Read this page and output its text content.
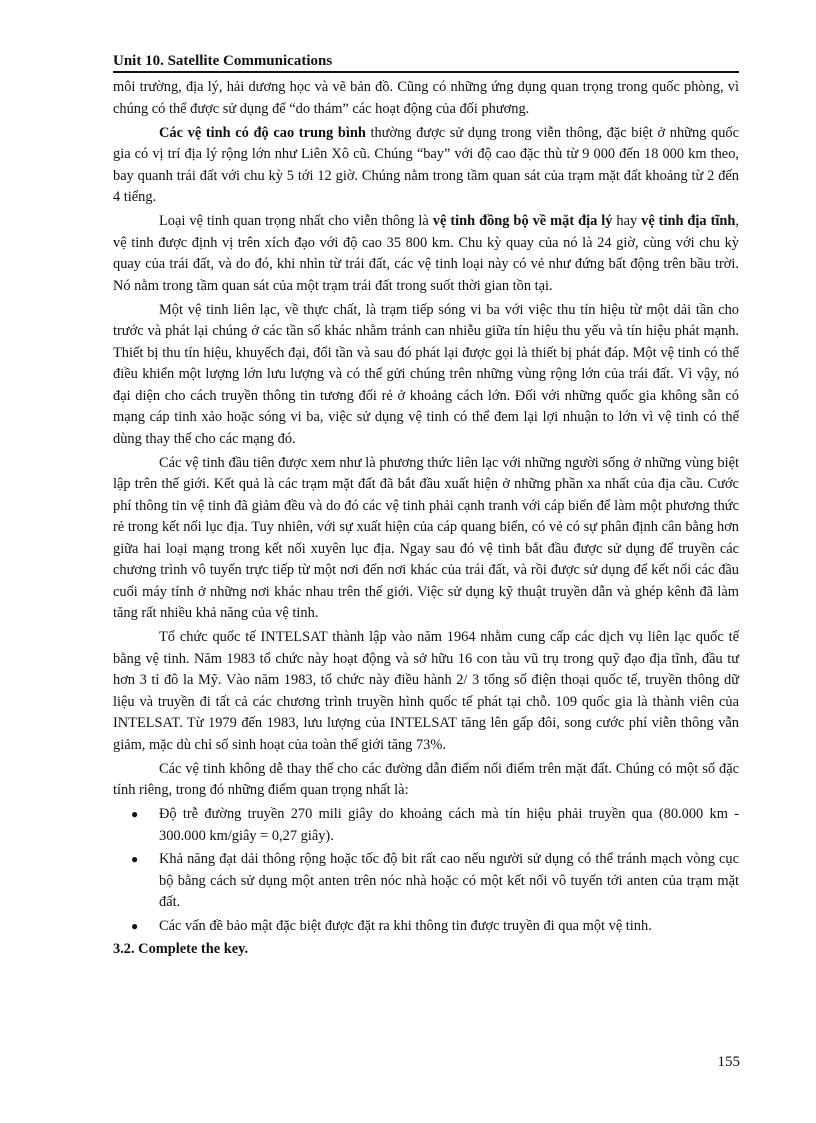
Unit 10. Satellite Communications

môi trường, địa lý, hải dương học và vẽ bản đồ. Cũng có những ứng dụng quan trọng trong quốc phòng, vì chúng có thể được sử dụng để “do thám” các hoạt động của đối phương.

Các vệ tinh có độ cao trung bình thường được sử dụng trong viễn thông, đặc biệt ở những quốc gia có vị trí địa lý rộng lớn như Liên Xô cũ. Chúng “bay” với độ cao đặc thù từ 9 000 đến 18 000 km theo, bay quanh trái đất với chu kỳ 5 tới 12 giờ. Chúng nằm trong tầm quan sát của trạm mặt đất khoảng từ 2 đến 4 tiếng.

Loại vệ tinh quan trọng nhất cho viễn thông là vệ tinh đồng bộ về mặt địa lý hay vệ tinh địa tĩnh, vệ tinh được định vị trên xích đạo với độ cao 35 800 km. Chu kỳ quay của nó là 24 giờ, cùng với chu kỳ quay của trái đất, và do đó, khi nhìn từ trái đất, các vệ tinh loại này có vẻ như đứng bất động trên bầu trời. Nó nằm trong tầm quan sát của một trạm trái đất trong suốt thời gian tồn tại.

Một vệ tinh liên lạc, về thực chất, là trạm tiếp sóng vi ba với việc thu tín hiệu từ một dải tần cho trước và phát lại chúng ở các tần số khác nhằm tránh can nhiễu giữa tín hiệu thu yếu và tín hiệu phát mạnh. Thiết bị thu tín hiệu, khuyếch đại, đổi tần và sau đó phát lại được gọi là thiết bị phát đáp. Một vệ tinh có thể điều khiển một lượng lớn lưu lượng và có thể gửi chúng trên những vùng rộng lớn của trái đất. Vì vậy, nó đại diện cho cách truyền thông tin tương đối rẻ ở khoảng cách lớn. Đối với những quốc gia không sẵn có mạng cáp tinh xảo hoặc sóng vi ba, việc sử dụng vệ tinh có thể đem lại lợi nhuận to lớn vì vệ tinh có thể dùng thay thế cho các mạng đó.

Các vệ tinh đầu tiên được xem như là phương thức liên lạc với những người sống ở những vùng biệt lập trên thế giới. Kết quả là các trạm mặt đất đã bắt đầu xuất hiện ở những phần xa nhất của địa cầu. Cước phí thông tin vệ tinh đã giảm đều và do đó các vệ tinh phải cạnh tranh với cáp biển để làm một phương thức rẻ trong kết nối lục địa. Tuy nhiên, với sự xuất hiện của cáp quang biển, có vẻ có sự phân định cân bằng hơn giữa hai loại mạng trong kết nối xuyên lục địa. Ngay sau đó vệ tinh bắt đầu được sử dụng để truyền các chương trình vô tuyến trực tiếp từ một nơi đến nơi khác của trái đất, và rồi được sử dụng để kết nối các đầu cuối máy tính ở những nơi khác nhau trên thế giới. Việc sử dụng kỹ thuật truyền dẫn và ghép kênh đã làm tăng rất nhiều khả năng của vệ tinh.

Tổ chức quốc tế INTELSAT thành lập vào năm 1964 nhằm cung cấp các dịch vụ liên lạc quốc tế bằng vệ tinh. Năm 1983 tổ chức này hoạt động và sở hữu 16 con tàu vũ trụ trong quỹ đạo địa tĩnh, đầu tư hơn 3 tỉ đô la Mỹ. Vào năm 1983, tổ chức này điều hành 2/ 3 tổng số điện thoại quốc tế, truyền thông dữ liệu và truyền đi tất cả các chương trình truyền hình quốc tế phát tại chỗ. 109 quốc gia là thành viên của INTELSAT. Từ 1979 đến 1983, lưu lượng của INTELSAT tăng lên gấp đôi, song cước phí viễn thông vẫn giảm, mặc dù chỉ số sinh hoạt của toàn thế giới tăng 73%.

Các vệ tinh không dễ thay thế cho các đường dẫn điểm nối điểm trên mặt đất. Chúng có một số đặc tính riêng, trong đó những điểm quan trọng nhất là:

● Độ trễ đường truyền 270 mili giây do khoảng cách mà tín hiệu phải truyền qua (80.000 km - 300.000 km/giây = 0,27 giây).
● Khả năng đạt dải thông rộng hoặc tốc độ bit rất cao nếu người sử dụng có thể tránh mạch vòng cục bộ bằng cách sử dụng một anten trên nóc nhà hoặc có một kết nối vô tuyến tới anten của trạm mặt đất.
● Các vấn đề bảo mật đặc biệt được đặt ra khi thông tin được truyền đi qua một vệ tinh.

3.2. Complete the key.

155
